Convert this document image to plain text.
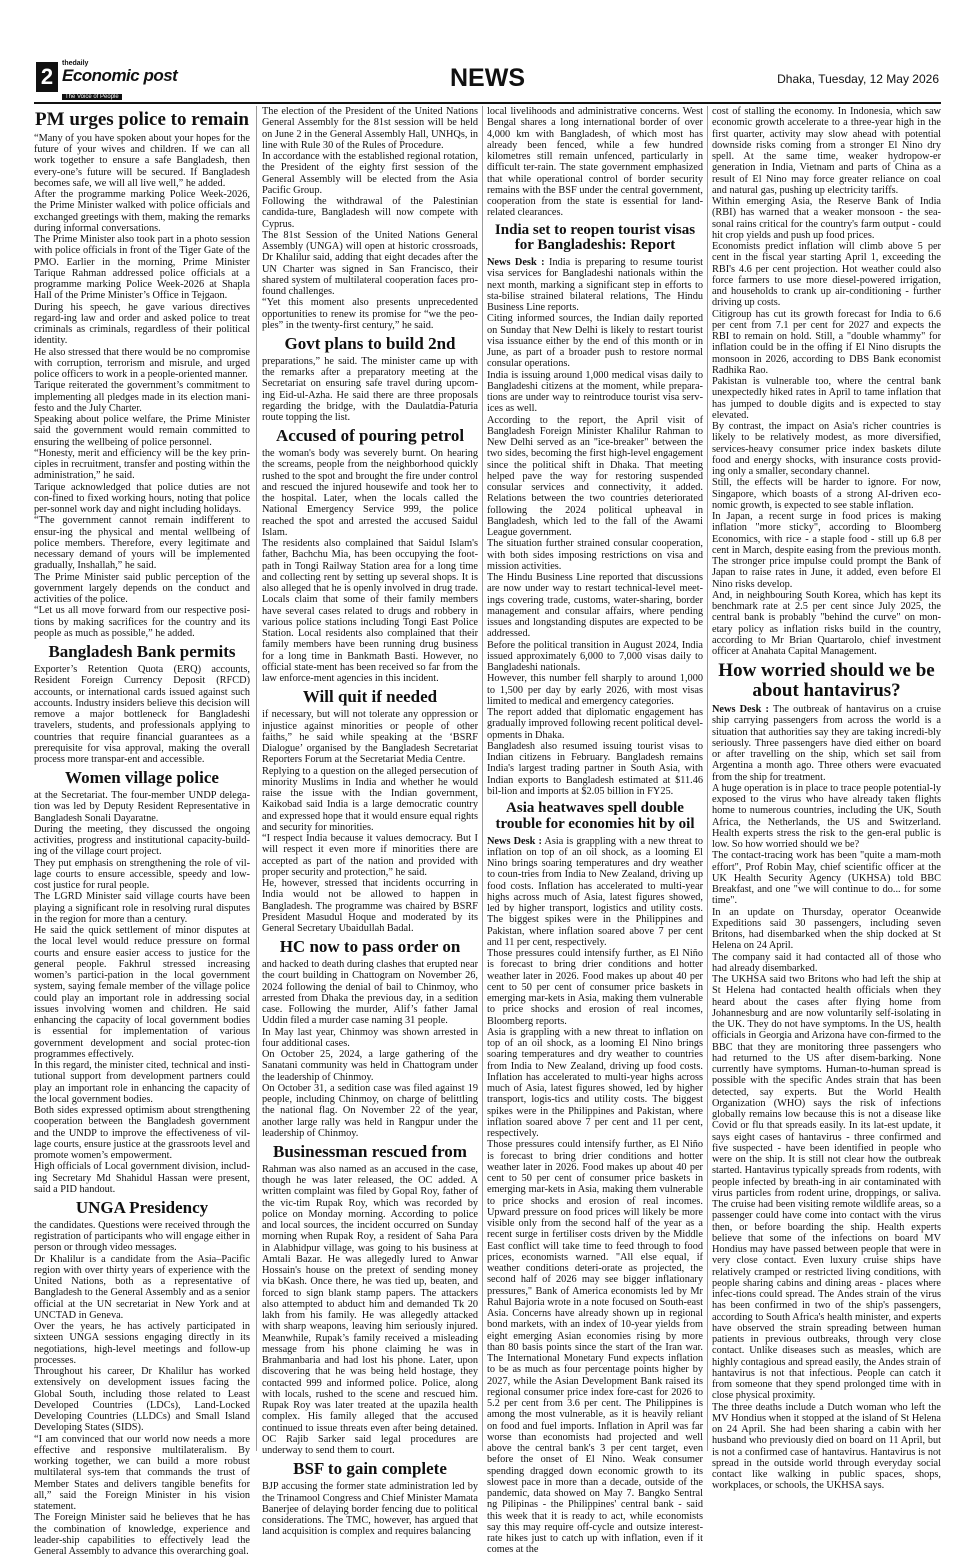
2
thedaily
Economic post
The Voice of People
NEWS	Dhaka, Tuesday, 12 May 2026
PM urges police to remain

“Many of you have spoken about your hopes for the future of your wives and children. If we can all work together to ensure a safe Bangladesh, then every-one’s future will be secured. If Bangladesh becomes safe, we will all live well,” he added.

After the programme marking Police Week-2026, the Prime Minister walked with police officials and exchanged greetings with them, making the remarks during informal conversations.

The Prime Minister also took part in a photo session with police officials in front of the Tiger Gate of the PMO. Earlier in the morning, Prime Minister Tarique Rahman addressed police officials at a programme marking Police Week-2026 at Shapla Hall of the Prime Minister’s Office in Tejgaon.

During his speech, he gave various directives regard-ing law and order and asked police to treat criminals as criminals, regardless of their political identity.

He also stressed that there would be no compromise with corruption, terrorism and misrule, and urged police officers to work in a people-oriented manner.

Tarique reiterated the government’s commitment to implementing all pledges made in its election mani-festo and the July Charter.

Speaking about police welfare, the Prime Minister said the government would remain committed to ensuring the wellbeing of police personnel.

“Honesty, merit and efficiency will be the key prin-ciples in recruitment, transfer and posting within the administration,” he said.

Tarique acknowledged that police duties are not con-fined to fixed working hours, noting that police per-sonnel work day and night including holidays.

“The government cannot remain indifferent to ensur-ing the physical and mental wellbeing of police members. Therefore, every legitimate and necessary demand of yours will be implemented gradually, Inshallah,” he said.

The Prime Minister said public perception of the government largely depends on the conduct and activities of the police.

“Let us all move forward from our respective posi-tions by making sacrifices for the country and its people as much as possible,” he added.

Bangladesh Bank permits

Exporter’s Retention Quota (ERQ) accounts, Resident Foreign Currency Deposit (RFCD) accounts, or international cards issued against such accounts. Industry insiders believe this decision will remove a major bottleneck for Bangladeshi travelers, students, and professionals applying to countries that require financial guarantees as a prerequisite for visa approval, making the overall process more transpar-ent and accessible.

Women village police

at the Secretariat. The four-member UNDP delega-tion was led by Deputy Resident Representative in Bangladesh Sonali Dayaratne.

During the meeting, they discussed the ongoing activities, progress and institutional capacity-build-ing of the village court project.

They put emphasis on strengthening the role of vil-lage courts to ensure accessible, speedy and low-cost justice for rural people.

The LGRD Minister said village courts have been playing a significant role in resolving rural disputes in the region for more than a century.

He said the quick settlement of minor disputes at the local level would reduce pressure on formal courts and ensure easier access to justice for the general people. Fakhrul stressed increasing women’s partici-pation in the local government system, saying female member of the village police could play an important role in addressing social issues involving women and children. He said enhancing the capacity of local government bodies is essential for implementation of various government development and social protec-tion programmes effectively.

In this regard, the minister cited, technical and insti-tutional support from development partners could play an important role in enhancing the capacity of the local government bodies.

Both sides expressed optimism about strengthening cooperation between the Bangladesh government and the UNDP to improve the effectiveness of vil-lage courts, ensure justice at the grassroots level and promote women’s empowerment.

High officials of Local government division, includ-ing Secretary Md Shahidul Hassan were present, said a PID handout.

UNGA Presidency

the candidates. Questions were received through the registration of participants who will engage either in person or through video messages.

Dr Khalilur is a candidate from the Asia–Pacific region with over thirty years of experience with the United Nations, both as a representative of Bangladesh to the General Assembly and as a senior official at the UN secretariat in New York and at UNCTAD in Geneva.

Over the years, he has actively participated in sixteen UNGA sessions engaging directly in its negotiations, high-level meetings and follow-up processes.

Throughout his career, Dr Khalilur has worked extensively on development issues facing the Global South, including those related to Least Developed Countries (LDCs), Land-Locked Developing Countries (LLDCs) and Small Island Developing States (SIDS).

“I am convinced that our world now needs a more effective and responsive multilateralism. By working together, we can build a more robust multilateral sys-tem that commands the trust of Member States and delivers tangible benefits for all,” said the Foreign Minister in his vision statement.

The Foreign Minister said he believes that he has the combination of knowledge, experience and leader-ship capabilities to effectively lead the General Assembly to advance this overarching goal.

The election of the President of the United Nations General Assembly for the 81st session will be held on June 2 in the General Assembly Hall, UNHQs, in line with Rule 30 of the Rules of Procedure.

In accordance with the established regional rotation, the President of the eighty first session of the General Assembly will be elected from the Asia Pacific Group.

Following the withdrawal of the Palestinian candida-ture, Bangladesh will now compete with Cyprus.

The 81st Session of the United Nations General Assembly (UNGA) will open at historic crossroads, Dr Khalilur said, adding that eight decades after the UN Charter was signed in San Francisco, their shared system of multilateral cooperation faces pro-found challenges.

“Yet this moment also presents unprecedented opportunities to renew its promise for “we the peo-ples” in the twenty-first century,” he said.

Govt plans to build 2nd

preparations,” he said. The minister came up with the remarks after a preparatory meeting at the Secretariat on ensuring safe travel during upcom-ing Eid-ul-Azha. He said there are three proposals regarding the bridge, with the Daulatdia-Paturia route topping the list.

Accused of pouring petrol

the woman's body was severely burnt. On hearing the screams, people from the neighborhood quickly rushed to the spot and brought the fire under control and rescued the injured housewife and took her to the hospital. Later, when the locals called the National Emergency Service 999, the police reached the spot and arrested the accused Saidul Islam.

The residents also complained that Saidul Islam's father, Bachchu Mia, has been occupying the foot-path in Tongi Railway Station area for a long time and collecting rent by setting up several shops. It is also alleged that he is openly involved in drug trade. Locals claim that some of their family members have several cases related to drugs and robbery in various police stations including Tongi East Police Station. Local residents also complained that their family members have been running drug business for a long time in Bankmath Basti. However, no official state-ment has been received so far from the law enforce-ment agencies in this incident.

Will quit if needed

if necessary, but will not tolerate any oppression or injustice against minorities or people of other faiths,” he said while speaking at the ‘BSRF Dialogue’ organised by the Bangladesh Secretariat Reporters Forum at the Secretariat Media Centre.

Replying to a question on the alleged persecution of minority Muslims in India and whether he would raise the issue with the Indian government, Kaikobad said India is a large democratic country and expressed hope that it would ensure equal rights and security for minorities.

“I respect India because it values democracy. But I will respect it even more if minorities there are accepted as part of the nation and provided with proper security and protection,” he said.

He, however, stressed that incidents occurring in India would not be allowed to happen in Bangladesh. The programme was chaired by BSRF President Masudul Hoque and moderated by its General Secretary Ubaidullah Badal.

HC now to pass order on

and hacked to death during clashes that erupted near the court building in Chattogram on November 26, 2024 following the denial of bail to Chinmoy, who arrested from Dhaka the previous day, in a sedition case. Following the murder, Alif’s father Jamal Uddin filed a murder case naming 31 people.

In May last year, Chinmoy was shown arrested in four additional cases.

On October 25, 2024, a large gathering of the Sanatani community was held in Chattogram under the leadership of Chinmoy.

On October 31, a sedition case was filed against 19 people, including Chinmoy, on charge of belittling the national flag. On November 22 of the year, another large rally was held in Rangpur under the leadership of Chinmoy.

Businessman rescued from

Rahman was also named as an accused in the case, though he was later released, the OC added. A written complaint was filed by Gopal Roy, father of the vic-tim Rupak Roy, which was recorded by police on Monday morning. According to police and local sources, the incident occurred on Sunday morning when Rupak Roy, a resident of Saha Para in Alabhidpur village, was going to his business at Amtali Bazar. He was allegedly lured to Anwar Hossain's house on the pretext of sending money via bKash. Once there, he was tied up, beaten, and forced to sign blank stamp papers. The attackers also attempted to abduct him and demanded Tk 20 lakh from his family. He was allegedly attacked with sharp weapons, leaving him seriously injured. Meanwhile, Rupak’s family received a misleading message from his phone claiming he was in Brahmanbaria and had lost his phone. Later, upon discovering that he was being held hostage, they contacted 999 and informed police. Police, along with locals, rushed to the scene and rescued him. Rupak Roy was later treated at the upazila health complex. His family alleged that the accused continued to issue threats even after being detained. OC Rajib Sarker said legal procedures are underway to send them to court.

BSF to gain complete

BJP accusing the former state administration led by the Trinamool Congress and Chief Minister Mamata Banerjee of delaying border fencing due to political considerations. The TMC, however, has argued that land acquisition is complex and requires balancing

local livelihoods and administrative concerns. West Bengal shares a long international border of over 4,000 km with Bangladesh, of which most has already been fenced, while a few hundred kilometres still remain unfenced, particularly in difficult ter-rain. The state government emphasized that while operational control of border security remains with the BSF under the central government, cooperation from the state is essential for land-related clearances.

India set to reopen tourist visas for Bangladeshis: Report

News Desk : India is preparing to resume tourist visa services for Bangladeshi nationals within the next month, marking a significant step in efforts to sta-bilise strained bilateral relations, The Hindu Business Line reports.

Citing informed sources, the Indian daily reported on Sunday that New Delhi is likely to restart tourist visa issuance either by the end of this month or in June, as part of a broader push to restore normal consular operations.

India is issuing around 1,000 medical visas daily to Bangladeshi citizens at the moment, while prepara-tions are under way to reintroduce tourist visa serv-ices as well.

According to the report, the April visit of Bangladesh Foreign Minister Khalilur Rahman to New Delhi served as an "ice-breaker" between the two sides, becoming the first high-level engagement since the political shift in Dhaka. That meeting helped pave the way for restoring suspended consular services and connectivity, it added. Relations between the two countries deteriorated following the 2024 political upheaval in Bangladesh, which led to the fall of the Awami League government.

The situation further strained consular cooperation, with both sides imposing restrictions on visa and mission activities.

The Hindu Business Line reported that discussions are now under way to restart technical-level meet-ings covering trade, customs, water-sharing, border management and consular affairs, where pending issues and longstanding disputes are expected to be addressed.

Before the political transition in August 2024, India issued approximately 6,000 to 7,000 visas daily to Bangladeshi nationals.

However, this number fell sharply to around 1,000 to 1,500 per day by early 2026, with most visas limited to medical and emergency categories.

The report added that diplomatic engagement has gradually improved following recent political devel-opments in Dhaka.

Bangladesh also resumed issuing tourist visas to Indian citizens in February. Bangladesh remains India's largest trading partner in South Asia, with Indian exports to Bangladesh estimated at $11.46 bil-lion and imports at $2.05 billion in FY25.

Asia heatwaves spell double trouble for economies hit by oil

News Desk : Asia is grappling with a new threat to inflation on top of an oil shock, as a looming El Nino brings soaring temperatures and dry weather to coun-tries from India to New Zealand, driving up food costs. Inflation has accelerated to multi-year highs across much of Asia, latest figures showed, led by higher transport, logistics and utility costs. The biggest spikes were in the Philippines and Pakistan, where inflation soared above 7 per cent and 11 per cent, respectively.

Those pressures could intensify further, as El Niño is forecast to bring drier conditions and hotter weather later in 2026. Food makes up about 40 per cent to 50 per cent of consumer price baskets in emerging mar-kets in Asia, making them vulnerable to price shocks and erosion of real incomes, Bloomberg reports.

Asia is grappling with a new threat to inflation on top of an oil shock, as a looming El Nino brings soaring temperatures and dry weather to countries from India to New Zealand, driving up food costs. Inflation has accelerated to multi-year highs across much of Asia, latest figures showed, led by higher transport, logis-tics and utility costs. The biggest spikes were in the Philippines and Pakistan, where inflation soared above 7 per cent and 11 per cent, respectively.

Those pressures could intensify further, as El Niño is forecast to bring drier conditions and hotter weather later in 2026. Food makes up about 40 per cent to 50 per cent of consumer price baskets in emerging mar-kets in Asia, making them vulnerable to price shocks and erosion of real incomes. Upward pressure on food prices will likely be more visible only from the second half of the year as a recent surge in fertiliser costs driven by the Middle East conflict will take time to feed through to food prices, economists warned. "All else equal, if weather conditions deteri-orate as projected, the second half of 2026 may see bigger inflationary pressures," Bank of America economists led by Mr Rahul Bajoria wrote in a note focused on South-east Asia. Concerns have already shown up in regional bond markets, with an index of 10-year yields from eight emerging Asian economies rising by more than 80 basis points since the start of the Iran war. The International Monetary Fund expects inflation to be as much as four percentage points higher by 2027, while the Asian Development Bank raised its regional consumer price index fore-cast for 2026 to 5.2 per cent from 3.6 per cent. The Philippines is among the most vulnerable, as it is heavily reliant on food and fuel imports. Inflation in April was far worse than economists had projected and well above the central bank's 3 per cent target, even before the onset of El Nino. Weak consumer spending dragged down economic growth to its slowest pace in more than a decade, outside of the pandemic, data showed on May 7. Bangko Sentral ng Pilipinas - the Philippines' central bank - said this week that it is ready to act, while economists say this may require off-cycle and outsize interest-rate hikes just to catch up with inflation, even if it comes at the

cost of stalling the economy. In Indonesia, which saw economic growth accelerate to a three-year high in the first quarter, activity may slow ahead with potential downside risks coming from a stronger El Nino dry spell. At the same time, weaker hydropow-er generation in India, Vietnam and parts of China as a result of El Nino may force greater reliance on coal and natural gas, pushing up electricity tariffs.

Within emerging Asia, the Reserve Bank of India (RBI) has warned that a weaker monsoon - the sea-sonal rains critical for the country's farm output - could hit crop yields and push up food prices.

Economists predict inflation will climb above 5 per cent in the fiscal year starting April 1, exceeding the RBI's 4.6 per cent projection. Hot weather could also force farmers to use more diesel-powered irrigation, and households to crank up air-conditioning - further driving up costs.

Citigroup has cut its growth forecast for India to 6.6 per cent from 7.1 per cent for 2027 and expects the RBI to remain on hold. Still, a "double whammy" for inflation could be in the offing if El Nino disrupts the monsoon in 2026, according to DBS Bank economist Radhika Rao.

Pakistan is vulnerable too, where the central bank unexpectedly hiked rates in April to tame inflation that has jumped to double digits and is expected to stay elevated.

By contrast, the impact on Asia's richer countries is likely to be relatively modest, as more diversified, services-heavy consumer price index baskets dilute food and energy shocks, with insurance costs provid-ing only a smaller, secondary channel.

Still, the effects will be harder to ignore. For now, Singapore, which boasts of a strong AI-driven eco-nomic growth, is expected to see stable inflation.

In Japan, a recent surge in food prices is making inflation "more sticky", according to Bloomberg Economics, with rice - a staple food - still up 6.8 per cent in March, despite easing from the previous month. The stronger price impulse could prompt the Bank of Japan to raise rates in June, it added, even before El Nino risks develop.

And, in neighbouring South Korea, which has kept its benchmark rate at 2.5 per cent since July 2025, the central bank is probably "behind the curve" on mon-etary policy as inflation risks build in the country, according to Mr Brian Quartarolo, chief investment officer at Anahata Capital Management.

How worried should we be about hantavirus?

News Desk : The outbreak of hantavirus on a cruise ship carrying passengers from across the world is a situation that authorities say they are taking incredi-bly seriously. Three passengers have died either on board or after travelling on the ship, which set sail from Argentina a month ago. Three others were evacuated from the ship for treatment.

A huge operation is in place to trace people potential-ly exposed to the virus who have already taken flights home to numerous countries, including the UK, South Africa, the Netherlands, the US and Switzerland. Health experts stress the risk to the gen-eral public is low. So how worried should we be?

The contact-tracing work has been "quite a mam-moth effort", Prof Robin May, chief scientific officer at the UK Health Security Agency (UKHSA) told BBC Breakfast, and one "we will continue to do... for some time".

In an update on Thursday, operator Oceanwide Expeditions said 30 passengers, including seven Britons, had disembarked when the ship docked at St Helena on 24 April.

The company said it had contacted all of those who had already disembarked.

The UKHSA said two Britons who had left the ship at St Helena had contacted health officials when they heard about the cases after flying home from Johannesburg and are now voluntarily self-isolating in the UK. They do not have symptoms. In the US, health officials in Georgia and Arizona have con-firmed to the BBC that they are monitoring three passengers who had returned to the US after disem-barking. None currently have symptoms. Human-to-human spread is possible with the specific Andes strain that has been detected, say experts. But the World Health Organization (WHO) says the risk of infections globally remains low because this is not a disease like Covid or flu that spreads easily. In its lat-est update, it says eight cases of hantavirus - three confirmed and five suspected - have been identified in people who were on the ship. It is still not clear how the outbreak started. Hantavirus typically spreads from rodents, with people infected by breath-ing in air contaminated with virus particles from rodent urine, droppings, or saliva. The cruise had been visiting remote wildlife areas, so a passenger could have come into contact with the virus then, or before boarding the ship. Health experts believe that some of the infections on board MV Hondius may have passed between people that were in very close contact. Even luxury cruise ships have relatively cramped or restricted living conditions, with people sharing cabins and dining areas - places where infec-tions could spread. The Andes strain of the virus has been confirmed in two of the ship's passengers, according to South Africa's health minister, and experts have observed the strain spreading between human patients in previous outbreaks, through very close contact. Unlike diseases such as measles, which are highly contagious and spread easily, the Andes strain of hantavirus is not that infectious. People can catch it from someone that they spend prolonged time with in close physical proximity.

The three deaths include a Dutch woman who left the MV Hondius when it stopped at the island of St Helena on 24 April. She had been sharing a cabin with her husband who previously died on board on 11 April, but is not a confirmed case of hantavirus. Hantavirus is not spread in the outside world through everyday social contact like walking in public spaces, shops, workplaces, or schools, the UKHSA says.
